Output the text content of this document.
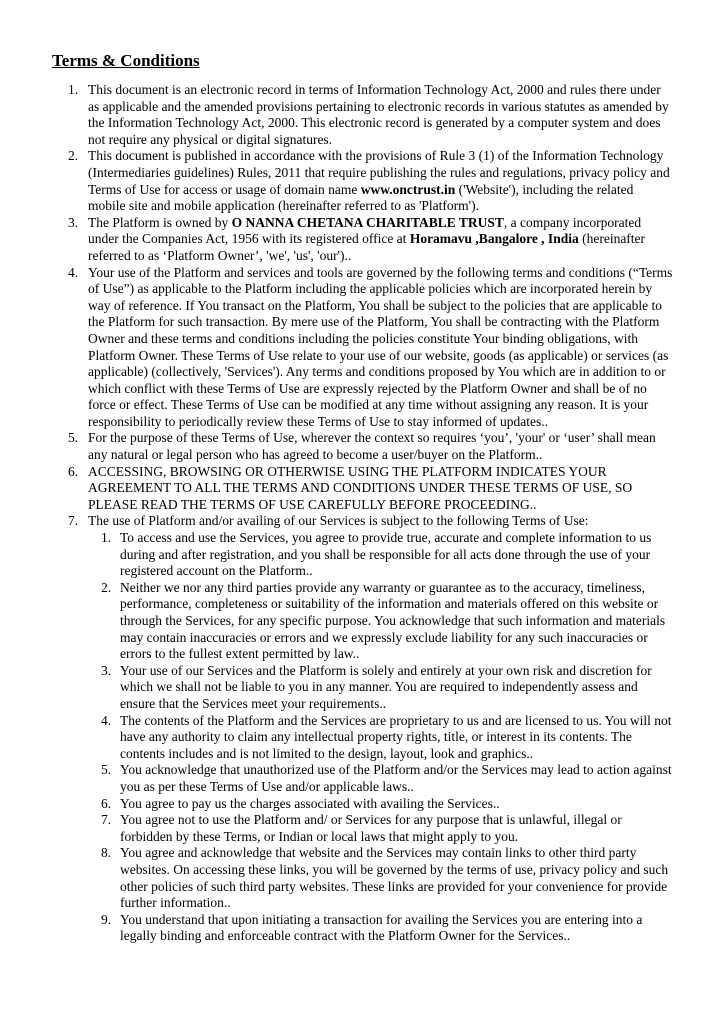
Terms & Conditions
1. This document is an electronic record in terms of Information Technology Act, 2000 and rules there under as applicable and the amended provisions pertaining to electronic records in various statutes as amended by the Information Technology Act, 2000. This electronic record is generated by a computer system and does not require any physical or digital signatures.
2. This document is published in accordance with the provisions of Rule 3 (1) of the Information Technology (Intermediaries guidelines) Rules, 2011 that require publishing the rules and regulations, privacy policy and Terms of Use for access or usage of domain name www.onctrust.in ('Website'), including the related mobile site and mobile application (hereinafter referred to as 'Platform').
3. The Platform is owned by O NANNA CHETANA CHARITABLE TRUST, a company incorporated under the Companies Act, 1956 with its registered office at Horamavu ,Bangalore , India (hereinafter referred to as ‘Platform Owner’, 'we', 'us', 'our')..
4. Your use of the Platform and services and tools are governed by the following terms and conditions (“Terms of Use”) as applicable to the Platform including the applicable policies which are incorporated herein by way of reference. If You transact on the Platform, You shall be subject to the policies that are applicable to the Platform for such transaction. By mere use of the Platform, You shall be contracting with the Platform Owner and these terms and conditions including the policies constitute Your binding obligations, with Platform Owner. These Terms of Use relate to your use of our website, goods (as applicable) or services (as applicable) (collectively, 'Services'). Any terms and conditions proposed by You which are in addition to or which conflict with these Terms of Use are expressly rejected by the Platform Owner and shall be of no force or effect. These Terms of Use can be modified at any time without assigning any reason. It is your responsibility to periodically review these Terms of Use to stay informed of updates..
5. For the purpose of these Terms of Use, wherever the context so requires ‘you’, 'your' or ‘user’ shall mean any natural or legal person who has agreed to become a user/buyer on the Platform..
6. ACCESSING, BROWSING OR OTHERWISE USING THE PLATFORM INDICATES YOUR AGREEMENT TO ALL THE TERMS AND CONDITIONS UNDER THESE TERMS OF USE, SO PLEASE READ THE TERMS OF USE CAREFULLY BEFORE PROCEEDING..
7. The use of Platform and/or availing of our Services is subject to the following Terms of Use:
1. To access and use the Services, you agree to provide true, accurate and complete information to us during and after registration, and you shall be responsible for all acts done through the use of your registered account on the Platform..
2. Neither we nor any third parties provide any warranty or guarantee as to the accuracy, timeliness, performance, completeness or suitability of the information and materials offered on this website or through the Services, for any specific purpose. You acknowledge that such information and materials may contain inaccuracies or errors and we expressly exclude liability for any such inaccuracies or errors to the fullest extent permitted by law..
3. Your use of our Services and the Platform is solely and entirely at your own risk and discretion for which we shall not be liable to you in any manner. You are required to independently assess and ensure that the Services meet your requirements..
4. The contents of the Platform and the Services are proprietary to us and are licensed to us. You will not have any authority to claim any intellectual property rights, title, or interest in its contents. The contents includes and is not limited to the design, layout, look and graphics..
5. You acknowledge that unauthorized use of the Platform and/or the Services may lead to action against you as per these Terms of Use and/or applicable laws..
6. You agree to pay us the charges associated with availing the Services..
7. You agree not to use the Platform and/ or Services for any purpose that is unlawful, illegal or forbidden by these Terms, or Indian or local laws that might apply to you.
8. You agree and acknowledge that website and the Services may contain links to other third party websites. On accessing these links, you will be governed by the terms of use, privacy policy and such other policies of such third party websites. These links are provided for your convenience for provide further information..
9. You understand that upon initiating a transaction for availing the Services you are entering into a legally binding and enforceable contract with the Platform Owner for the Services..
